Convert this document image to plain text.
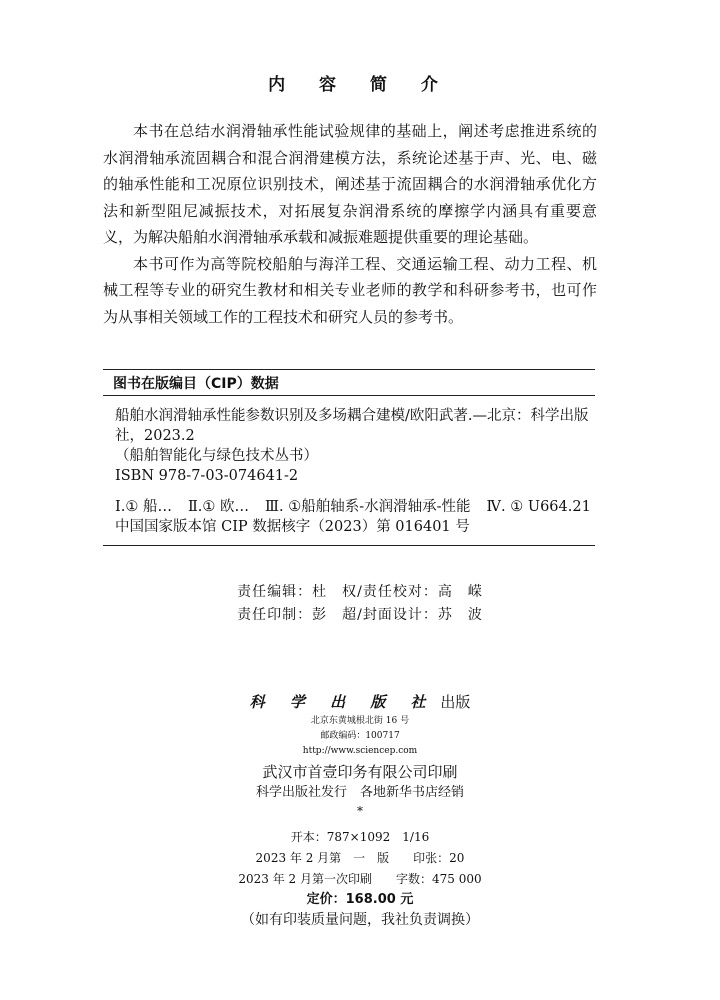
内 容 简 介

本书在总结水润滑轴承性能试验规律的基础上，阐述考虑推进系统的水润滑轴承流固耦合和混合润滑建模方法，系统论述基于声、光、电、磁的轴承性能和工况原位识别技术，阐述基于流固耦合的水润滑轴承优化方法和新型阻尼减振技术，对拓展复杂润滑系统的摩擦学内涵具有重要意义，为解决船舶水润滑轴承承载和减振难题提供重要的理论基础。

本书可作为高等院校船舶与海洋工程、交通运输工程、动力工程、机械工程等专业的研究生教材和相关专业老师的教学和科研参考书，也可作为从事相关领域工作的工程技术和研究人员的参考书。

图书在版编目（CIP）数据
船舶水润滑轴承性能参数识别及多场耦合建模/欧阳武著.—北京：科学出版社，2023.2
（船舶智能化与绿色技术丛书）
ISBN 978-7-03-074641-2
Ⅰ.① 船… Ⅱ.① 欧… Ⅲ. ①船舶轴系-水润滑轴承-性能 Ⅳ. ① U664.21
中国国家版本馆 CIP 数据核字（2023）第 016401 号
责任编辑：杜　权/责任校对：高　嵘
责任印制：彭　超/封面设计：苏　波
科 学 出 版 社 出版
北京东黄城根北街 16 号
邮政编码：100717
http://www.sciencep.com
武汉市首壹印务有限公司印刷
科学出版社发行　各地新华书店经销
*
开本：787×1092　1/16
2023 年 2 月第　一　版　　印张：20
2023 年 2 月第一次印刷　　字数：475 000
定价：168.00 元
（如有印装质量问题，我社负责调换）
